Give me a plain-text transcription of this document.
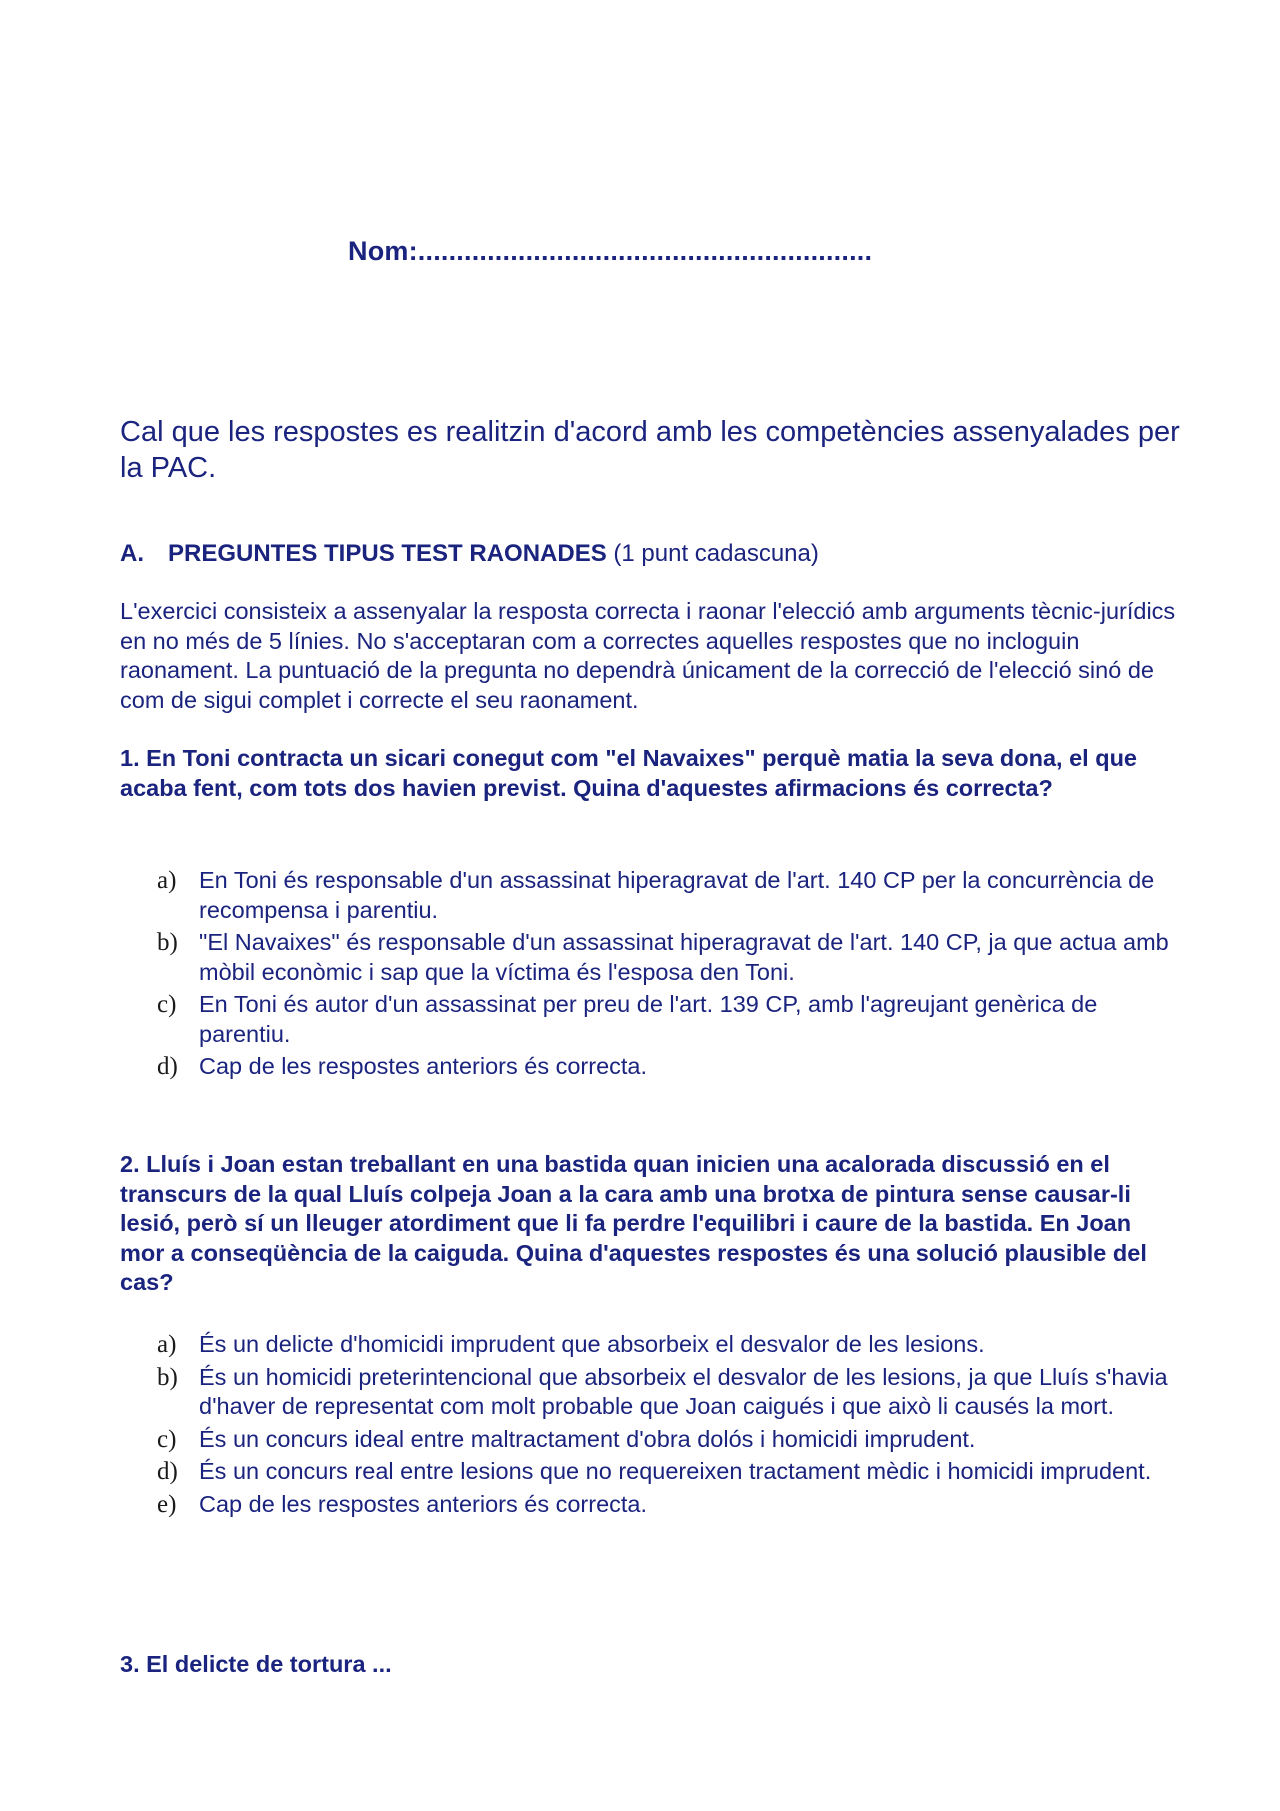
Nom:...........................................................
Cal que les respostes es realitzin d'acord amb les competències assenyalades per la PAC.
A. PREGUNTES TIPUS TEST RAONADES (1 punt cadascuna)
L'exercici consisteix a assenyalar la resposta correcta i raonar l'elecció amb arguments tècnic-jurídics en no més de 5 línies. No s'acceptaran com a correctes aquelles respostes que no incloguin raonament. La puntuació de la pregunta no dependrà únicament de la correcció de l'elecció sinó de com de sigui complet i correcte el seu raonament.
1. En Toni contracta un sicari conegut com "el Navaixes" perquè matia la seva dona, el que acaba fent, com tots dos havien previst. Quina d'aquestes afirmacions és correcta?
a) En Toni és responsable d'un assassinat hiperagravat de l'art. 140 CP per la concurrència de recompensa i parentiu.
b) "El Navaixes" és responsable d'un assassinat hiperagravat de l'art. 140 CP, ja que actua amb mòbil econòmic i sap que la víctima és l'esposa den Toni.
c) En Toni és autor d'un assassinat per preu de l'art. 139 CP, amb l'agreujant genèrica de parentiu.
d) Cap de les respostes anteriors és correcta.
2. Lluís i Joan estan treballant en una bastida quan inicien una acalorada discussió en el transcurs de la qual Lluís colpeja Joan a la cara amb una brotxa de pintura sense causar-li lesió, però sí un lleuger atordiment que li fa perdre l'equilibri i caure de la bastida. En Joan mor a conseqüència de la caiguda. Quina d'aquestes respostes és una solució plausible del cas?
a) És un delicte d'homicidi imprudent que absorbeix el desvalor de les lesions.
b) És un homicidi preterintencional que absorbeix el desvalor de les lesions, ja que Lluís s'havia d'haver de representat com molt probable que Joan caigués i que això li causés la mort.
c) És un concurs ideal entre maltractament d'obra dolós i homicidi imprudent.
d) És un concurs real entre lesions que no requereixen tractament mèdic i homicidi imprudent.
e) Cap de les respostes anteriors és correcta.
3. El delicte de tortura ...
